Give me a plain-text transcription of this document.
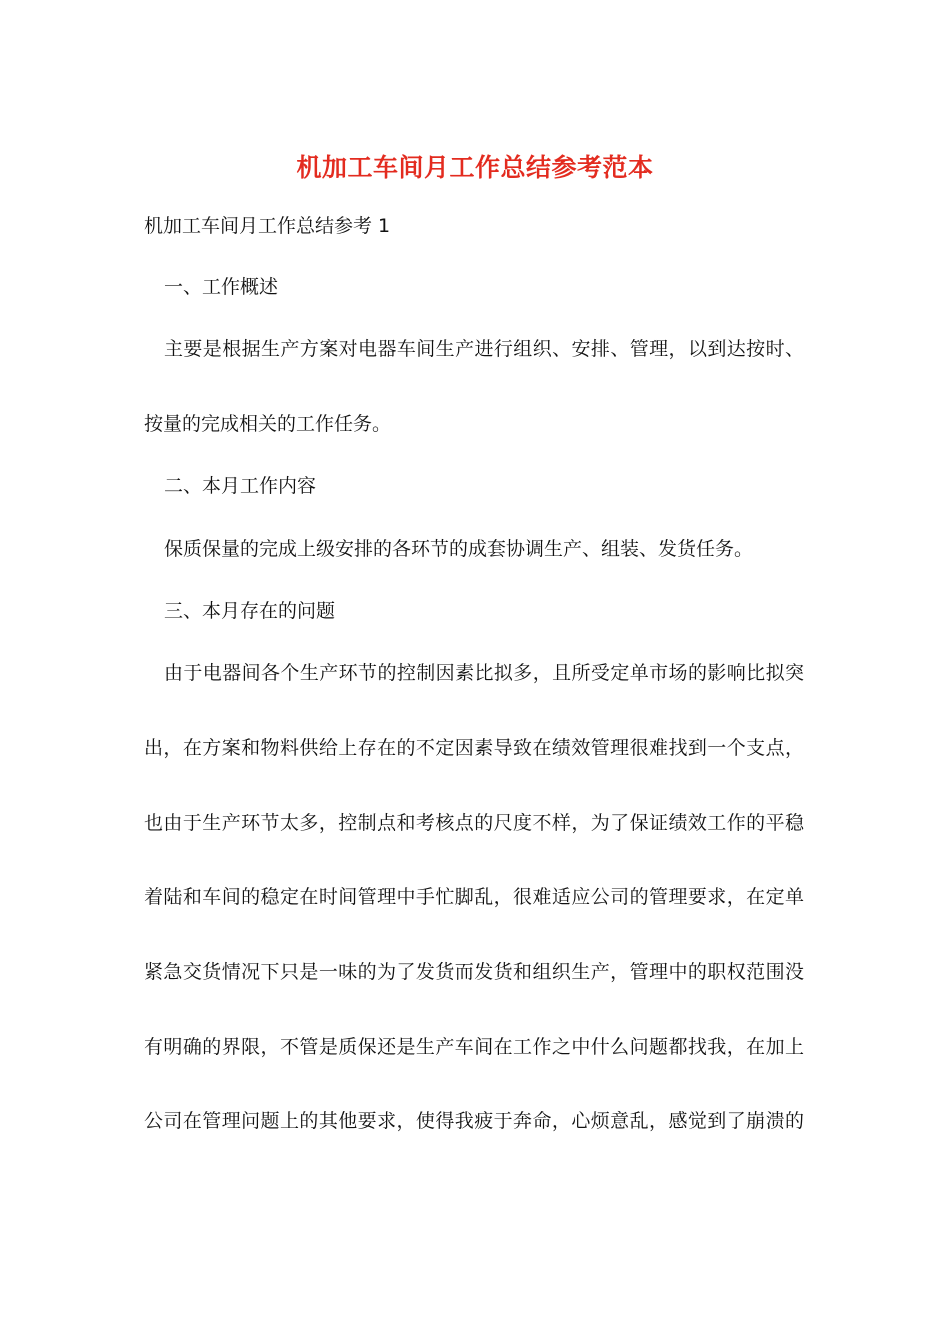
机加工车间月工作总结参考范本
机加工车间月工作总结参考 1
一、工作概述
主要是根据生产方案对电器车间生产进行组织、安排、管理，以到达按时、
按量的完成相关的工作任务。
二、本月工作内容
保质保量的完成上级安排的各环节的成套协调生产、组装、发货任务。
三、本月存在的问题
由于电器间各个生产环节的控制因素比拟多，且所受定单市场的影响比拟突
出，在方案和物料供给上存在的不定因素导致在绩效管理很难找到一个支点，
也由于生产环节太多，控制点和考核点的尺度不样，为了保证绩效工作的平稳
着陆和车间的稳定在时间管理中手忙脚乱，很难适应公司的管理要求，在定单
紧急交货情况下只是一味的为了发货而发货和组织生产，管理中的职权范围没
有明确的界限，不管是质保还是生产车间在工作之中什么问题都找我，在加上
公司在管理问题上的其他要求，使得我疲于奔命，心烦意乱，感觉到了崩溃的
